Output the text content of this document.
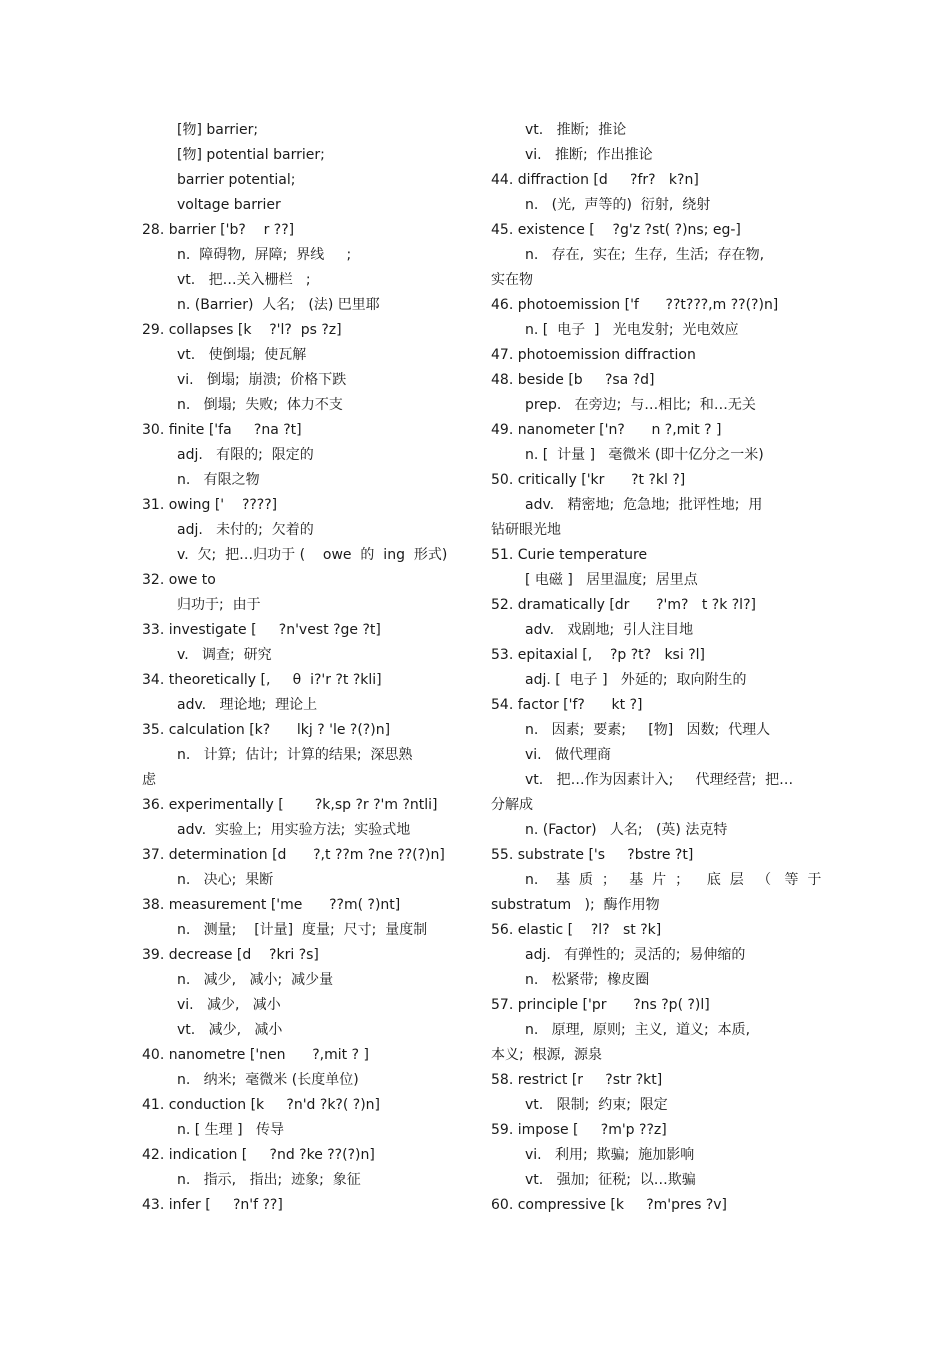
[物] barrier;
[物] potential barrier;
barrier potential;
voltage barrier
28. barrier ['b?    r ??]
n.  障碍物,  屏障;  界线     ;
vt.   把…关入栅栏   ;
n. (Barrier)  人名;   (法) 巴里耶
29. collapses [k    ?'l?  ps ?z]
vt.   使倒塌;  使瓦解
vi.   倒塌;  崩溃;  价格下跌
n.   倒塌;  失败;  体力不支
30. finite ['fa     ?na ?t]
adj.   有限的;  限定的
n.   有限之物
31. owing ['    ????]
adj.   未付的;  欠着的
v.  欠;  把…归功于 (    owe  的  ing  形式)
32. owe to
归功于;  由于
33. investigate [     ?n'vest ?ge ?t]
v.   调查;  研究
34. theoretically [,     θ  i?'r ?t ?kli]
adv.   理论地;  理论上
35. calculation [k?      lkj ? 'le ?(?)n]
n.   计算;  估计;  计算的结果;  深思熟
虑
36. experimentally [       ?k,sp ?r ?'m ?ntli]
adv.  实验上;  用实验方法;  实验式地
37. determination [d      ?,t ??m ?ne ??(?)n]
n.   决心;  果断
38. measurement ['me      ??m( ?)nt]
n.   测量;    [计量]  度量;  尺寸;  量度制
39. decrease [d    ?kri ?s]
n.   减少,   减小;  减少量
vi.   减少,   减小
vt.   减少,   减小
40. nanometre ['nen      ?,mit ? ]
n.   纳米;  毫微米 (长度单位)
41. conduction [k     ?n'd ?k?( ?)n]
n. [ 生理 ]   传导
42. indication [     ?nd ?ke ??(?)n]
n.   指示,   指出;  迹象;  象征
43. infer [     ?n'f ??]
vt.   推断;  推论
vi.   推断;  作出推论
44. diffraction [d     ?fr?   k?n]
n.   (光,  声等的)  衍射,  绕射
45. existence [    ?g'z ?st( ?)ns; eg-]
n.   存在,  实在;  生存,  生活;  存在物,
实在物
46. photoemission ['f      ??t???,m ??(?)n]
n. [  电子  ]   光电发射;  光电效应
47. photoemission diffraction
48. beside [b     ?sa ?d]
prep.   在旁边;  与…相比;  和…无关
49. nanometer ['n?      n ?,mit ? ]
n. [  计量 ]   毫微米 (即十亿分之一米)
50. critically ['kr      ?t ?kl ?]
adv.   精密地;  危急地;  批评性地;  用
钻研眼光地
51. Curie temperature
[ 电磁 ]   居里温度;  居里点
52. dramatically [dr      ?'m?   t ?k ?l?]
adv.   戏剧地;  引人注目地
53. epitaxial [,    ?p ?t?   ksi ?l]
adj. [  电子 ]   外延的;  取向附生的
54. factor ['f?      kt ?]
n.   因素;  要素;     [物]   因数;  代理人
vi.   做代理商
vt.   把…作为因素计入;     代理经营;  把…
分解成
n. (Factor)   人名;   (英) 法克特
55. substrate ['s     ?bstre ?t]
n.    基  质  ；   基  片  ；    底  层   （   等  于
substratum   );  酶作用物
56. elastic [    ?l?   st ?k]
adj.   有弹性的;  灵活的;  易伸缩的
n.   松紧带;  橡皮圈
57. principle ['pr      ?ns ?p( ?)l]
n.   原理,  原则;  主义,  道义;  本质,
本义;  根源,  源泉
58. restrict [r     ?str ?kt]
vt.   限制;  约束;  限定
59. impose [     ?m'p ??z]
vi.   利用;  欺骗;  施加影响
vt.   强加;  征税;  以…欺骗
60. compressive [k     ?m'pres ?v]
